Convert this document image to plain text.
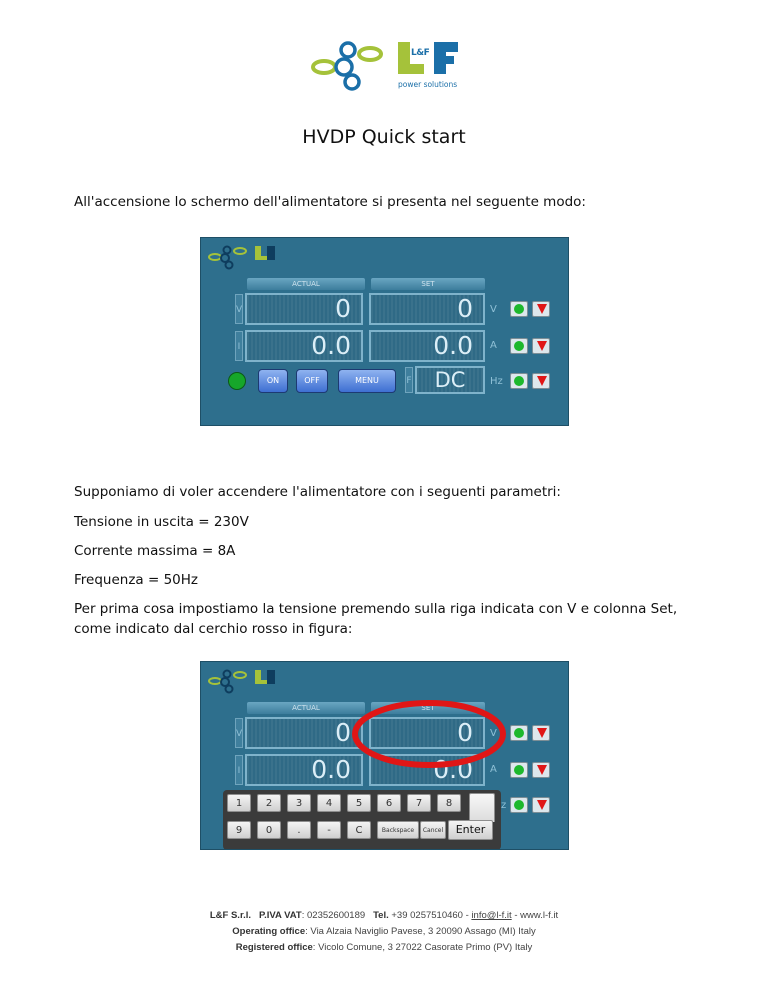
L&F
power solutions
HVDP Quick start

All'accensione lo schermo dell'alimentatore si presenta nel seguente modo:

ACTUAL	SET
V	0	0	V
I	0.0	0.0	A
ON	OFF	MENU	F	DC	Hz

Supponiamo di voler accendere l'alimentatore con i seguenti parametri:

Tensione in uscita = 230V

Corrente massima = 8A

Frequenza = 50Hz

Per prima cosa impostiamo la tensione premendo sulla riga indicata con V e colonna Set, come indicato dal cerchio rosso in figura:

ACTUAL	SET
V	0	0	V
I	0.0	0.0	A
z
Backspace	Cancel	Enter
1	2	3	4	5	6	7	8
9	0	.	-	C
L&F S.r.l. P.IVA VAT: 02352600189 Tel. +39 0257510460 - info@l-f.it - www.l-f.it
Operating office: Via Alzaia Naviglio Pavese, 3 20090 Assago (MI) Italy
Registered office: Vicolo Comune, 3 27022 Casorate Primo (PV) Italy
